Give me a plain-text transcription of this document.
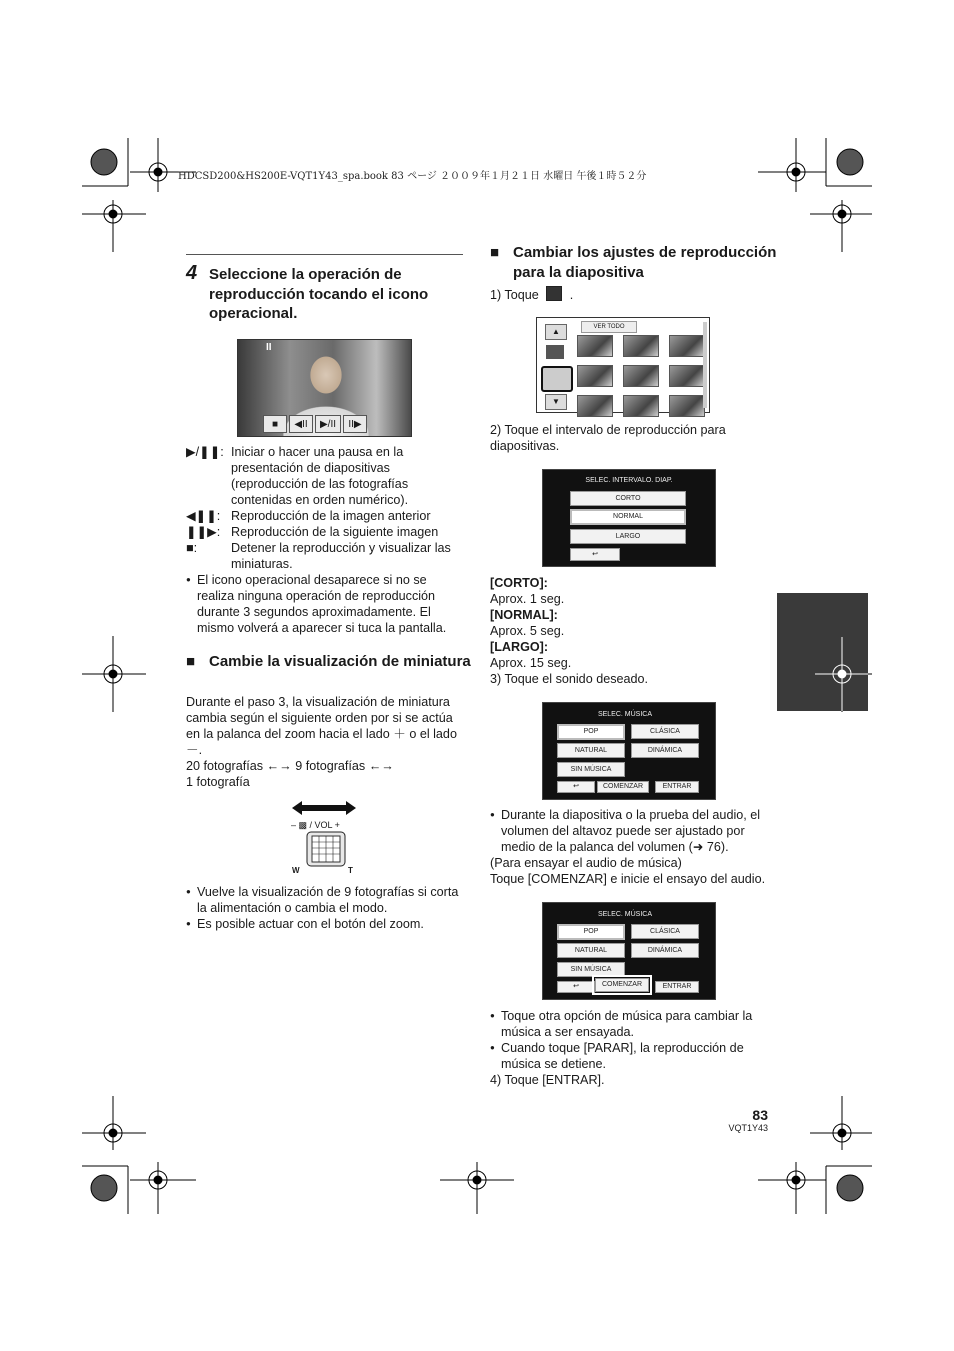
HDCSD200&HS200E-VQT1Y43_spa.book 83 ページ ２００９年１月２１日 水曜日 午後１時５２分
4 Seleccione la operación de reproducción tocando el icono operacional.
II
■	◀II	▶/II	II▶
▶/❚❚: Iniciar o hacer una pausa en la presentación de diapositivas (reproducción de las fotografías contenidas en orden numérico).
◀❚❚: Reproducción de la imagen anterior
❚❚▶: Reproducción de la siguiente imagen
■:	Detener la reproducción y visualizar las miniaturas.
● El icono operacional desaparece si no se realiza ninguna operación de reproducción durante 3 segundos aproximadamente. El mismo volverá a aparecer si tuca la pantalla.
■ Cambie la visualización de miniatura
Durante el paso 3, la visualización de miniatura cambia según el siguiente orden por si se actúa en la palanca del zoom hacia el lado ＋ o el lado －.
20 fotografías ←→ 9 fotografías ←→
1 fotografía
– ▩ / VOL +
W	T
● Vuelve la visualización de 9 fotografías si corta la alimentación o cambia el modo.
● Es posible actuar con el botón del zoom.
■ Cambiar los ajustes de reproducción para la diapositiva
1) Toque .
▲
▼
VER TODO
2) Toque el intervalo de reproducción para diapositivas.
SELEC. INTERVALO. DIAP.
CORTO
NORMAL
LARGO
↩
[CORTO]:
Aprox. 1 seg.
[NORMAL]:
Aprox. 5 seg.
[LARGO]:
Aprox. 15 seg.
3) Toque el sonido deseado.
SELEC. MÚSICA
POP	CLÁSICA
NATURAL	DINÁMICA
SIN MÚSICA
↩	COMENZAR	ENTRAR
● Durante la diapositiva o la prueba del audio, el volumen del altavoz puede ser ajustado por medio de la palanca del volumen (➜ 76).
(Para ensayar el audio de música)
Toque [COMENZAR] e inicie el ensayo del audio.
SELEC. MÚSICA
POP	CLÁSICA
NATURAL	DINÁMICA
SIN MÚSICA
↩	COMENZAR	ENTRAR
● Toque otra opción de música para cambiar la música a ser ensayada.
● Cuando toque [PARAR], la reproducción de música se detiene.
4) Toque [ENTRAR].
83
VQT1Y43
